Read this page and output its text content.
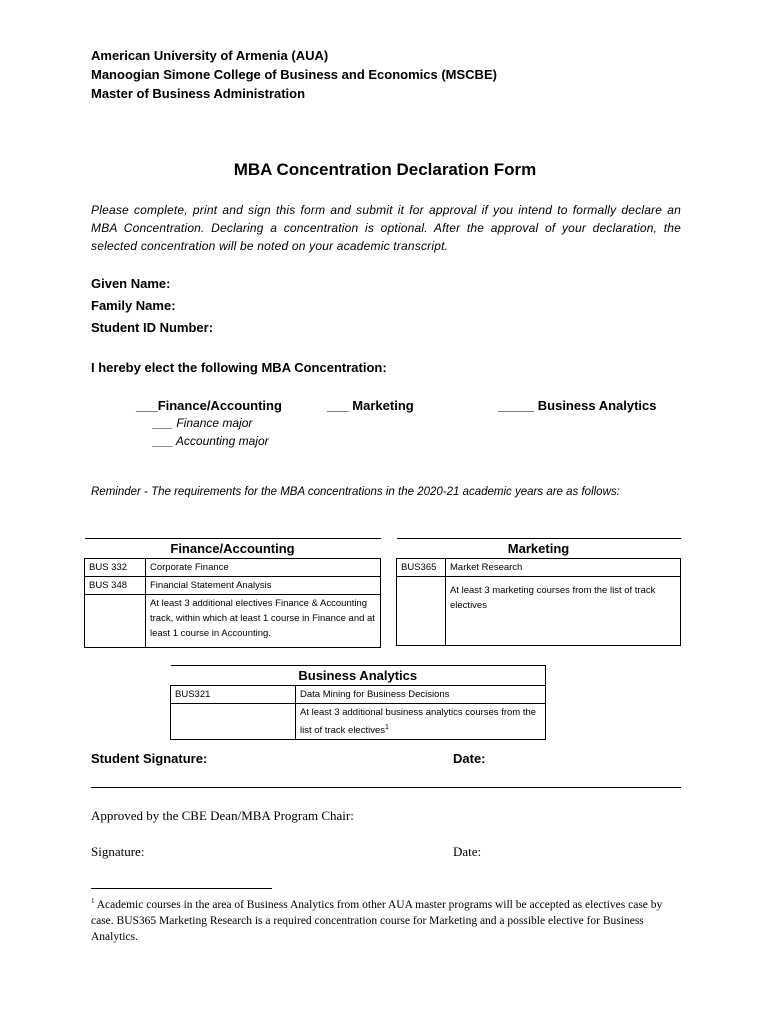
American University of Armenia (AUA)
Manoogian Simone College of Business and Economics (MSCBE)
Master of Business Administration
MBA Concentration Declaration Form
Please complete, print and sign this form and submit it for approval if you intend to formally declare an MBA Concentration. Declaring a concentration is optional. After the approval of your declaration, the selected concentration will be noted on your academic transcript.
Given Name:
Family Name:
Student ID Number:
I hereby elect the following MBA Concentration:
___Finance/Accounting
___ Finance major
___ Accounting major
___ Marketing	_____ Business Analytics
Reminder - The requirements for the MBA concentrations in the 2020-21 academic years are as follows:
Finance/Accounting	
BUS 332	Corporate Finance
BUS 348	Financial Statement Analysis
	At least 3 additional electives Finance & Accounting track, within which at least 1 course in Finance and at least 1 course in Accounting.
Marketing	
BUS365	Market Research
	At least 3 marketing courses from the list of track electives
Business Analytics	
BUS321	Data Mining for Business Decisions
	At least 3 additional business analytics courses from the list of track electives$^1$
Student Signature:	Date:
Approved by the CBE Dean/MBA Program Chair:
Signature:	Date:
$^1$ Academic courses in the area of Business Analytics from other AUA master programs will be accepted as electives case by case. BUS365 Marketing Research is a required concentration course for Marketing and a possible elective for Business Analytics.
